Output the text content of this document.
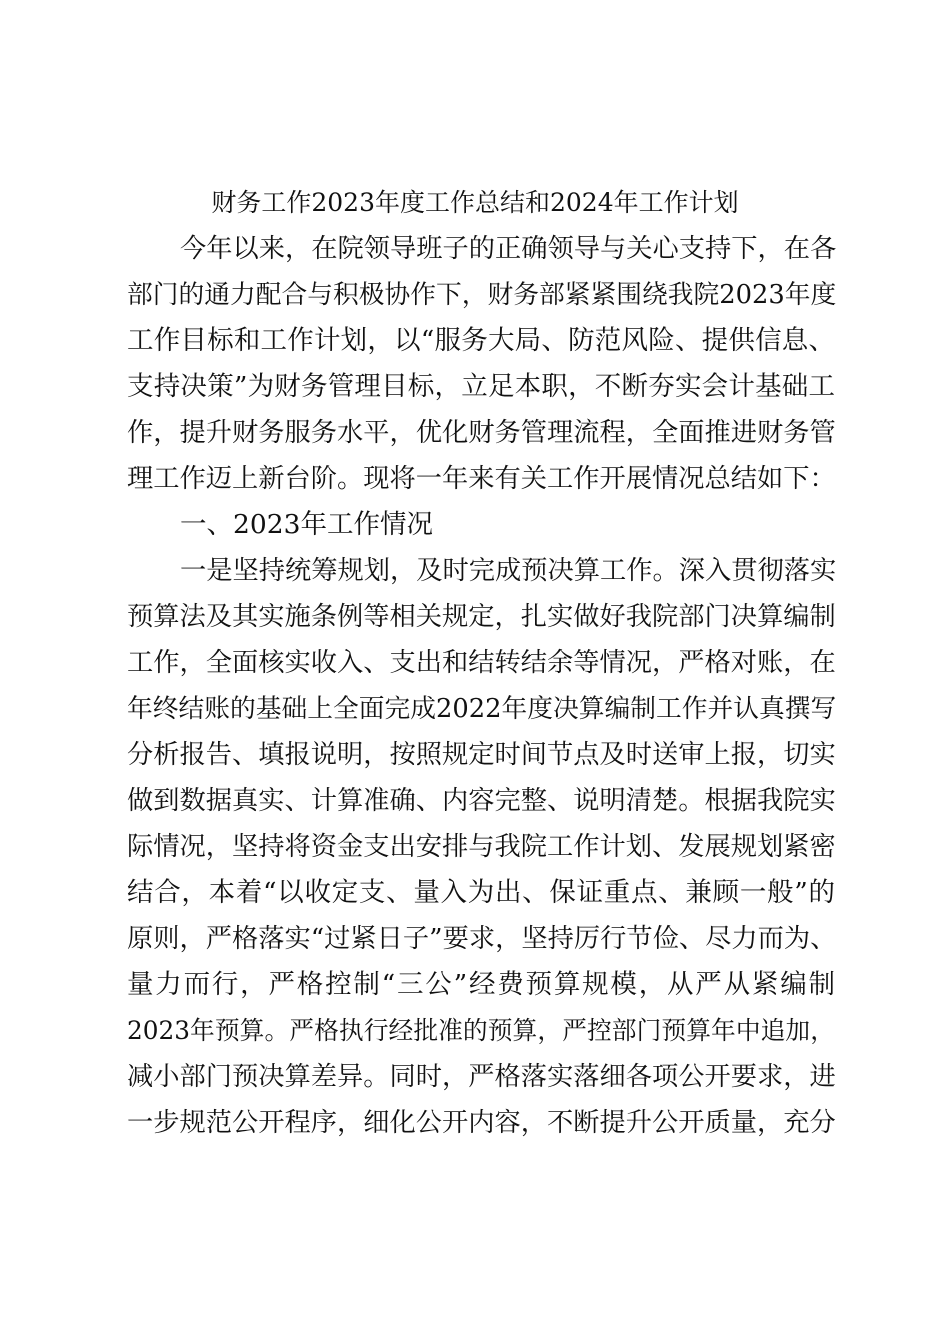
财务工作2023年度工作总结和2024年工作计划
今年以来，在院领导班子的正确领导与关心支持下，在各
部门的通力配合与积极协作下，财务部紧紧围绕我院2023年度
工作目标和工作计划，以“服务大局、防范风险、提供信息、
支持决策”为财务管理目标，立足本职，不断夯实会计基础工
作，提升财务服务水平，优化财务管理流程，全面推进财务管
理工作迈上新台阶。现将一年来有关工作开展情况总结如下：
一、2023年工作情况
一是坚持统筹规划，及时完成预决算工作。深入贯彻落实
预算法及其实施条例等相关规定，扎实做好我院部门决算编制
工作，全面核实收入、支出和结转结余等情况，严格对账，在
年终结账的基础上全面完成2022年度决算编制工作并认真撰写
分析报告、填报说明，按照规定时间节点及时送审上报，切实
做到数据真实、计算准确、内容完整、说明清楚。根据我院实
际情况，坚持将资金支出安排与我院工作计划、发展规划紧密
结合，本着“以收定支、量入为出、保证重点、兼顾一般”的
原则，严格落实“过紧日子”要求，坚持厉行节俭、尽力而为、
量力而行，严格控制“三公”经费预算规模，从严从紧编制
2023年预算。严格执行经批准的预算，严控部门预算年中追加，
减小部门预决算差异。同时，严格落实落细各项公开要求，进
一步规范公开程序，细化公开内容，不断提升公开质量，充分
